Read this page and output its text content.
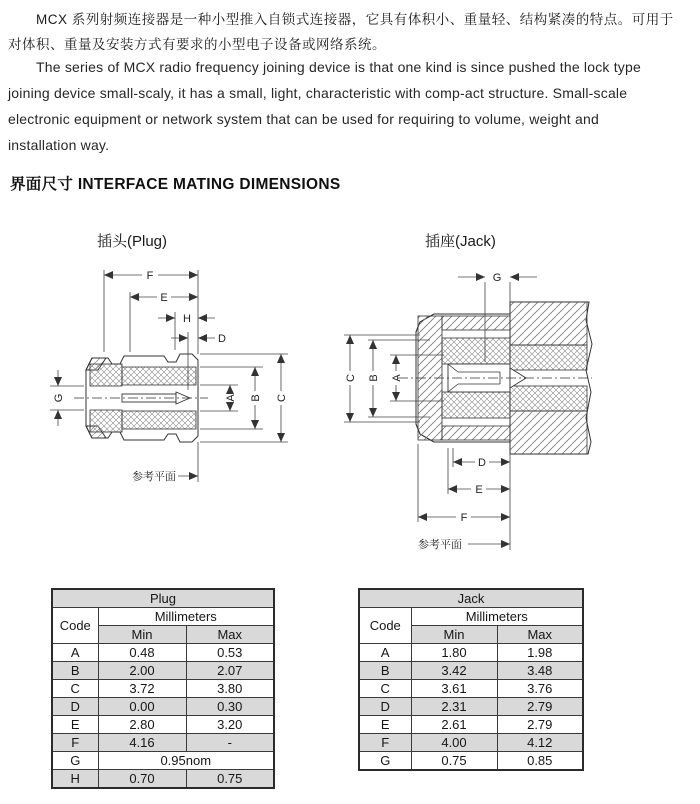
MCX 系列射频连接器是一种小型推入自锁式连接器，它具有体积小、重量轻、结构紧凑的特点。可用于
对体积、重量及安装方式有要求的小型电子设备或网络系统。
The series of MCX radio frequency joining device is that one kind is since pushed the lock type
joining device small-scaly, it has a small, light, characteristic with comp-act structure. Small-scale
electronic equipment or network system that can be used for requiring to volume, weight and
installation way.
界面尺寸 INTERFACE MATING DIMENSIONS
插头(Plug)	插座(Jack)
F
E
H
D
G	A B C
参考平面
G
C B A
D
E
F
参考平面
Plug		
Code	Millimeters	
	Min	Max
A	0.48	0.53
B	2.00	2.07
C	3.72	3.80
D	0.00	0.30
E	2.80	3.20
F	4.16	-
G	0.95nom	
H	0.70	0.75
Jack		
Code	Millimeters	
	Min	Max
A	1.80	1.98
B	3.42	3.48
C	3.61	3.76
D	2.31	2.79
E	2.61	2.79
F	4.00	4.12
G	0.75	0.85
